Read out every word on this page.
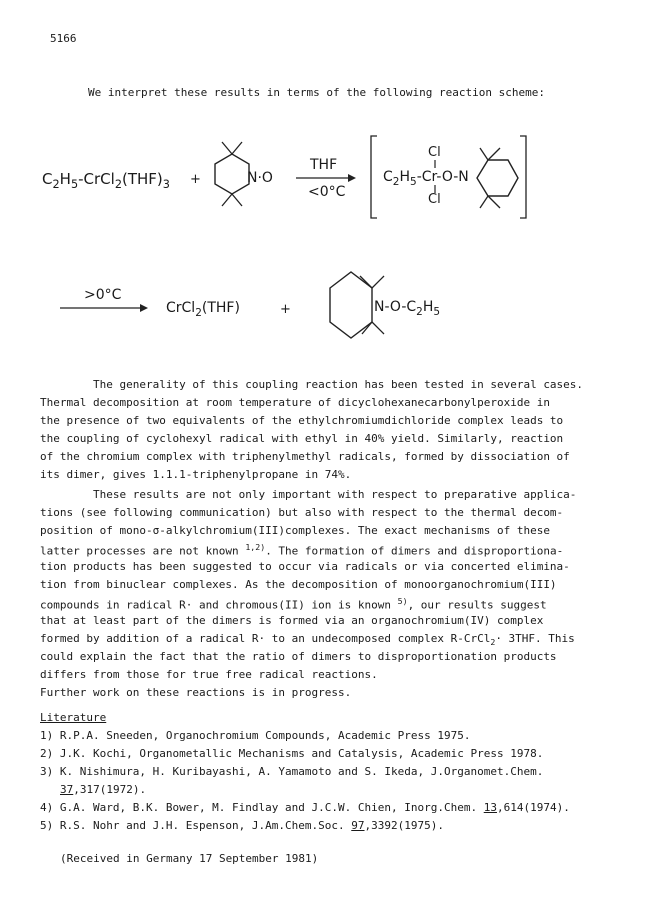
5166
We interpret these results in terms of the following reaction scheme:
$C_2H_5-CrCl_2(THF)_3$ +	N·O
THF
<0°C
Cl
Cl
$C_2H_5-Cr-O-N$
>0°C
CrCl$_2$(THF)	+	$N-O-C_2H_5$
The generality of this coupling reaction has been tested in several cases.
Thermal decomposition at room temperature of dicyclohexanecarbonylperoxide in
the presence of two equivalents of the ethylchromiumdichloride complex leads to
the coupling of cyclohexyl radical with ethyl in 40% yield. Similarly, reaction
of the chromium complex with triphenylmethyl radicals, formed by dissociation of
its dimer, gives 1.1.1-triphenylpropane in 74%.
These results are not only important with respect to preparative applica-
tions (see following communication) but also with respect to the thermal decom-
position of mono-σ-alkylchromium(III)complexes. The exact mechanisms of these
latter processes are not known $^{1,2)}$. The formation of dimers and disproportiona-
tion products has been suggested to occur via radicals or via concerted elimina-
tion from binuclear complexes. As the decomposition of monoorganochromium(III)
compounds in radical R· and chromous(II) ion is known $^{5)}$, our results suggest
that at least part of the dimers is formed via an organochromium(IV) complex
formed by addition of a radical R· to an undecomposed complex R-CrCl$_2$· 3THF. This
could explain the fact that the ratio of dimers to disproportionation products
differs from those for true free radical reactions.
Further work on these reactions is in progress.
Literature
1) R.P.A. Sneeden, Organochromium Compounds, Academic Press 1975.
2) J.K. Kochi, Organometallic Mechanisms and Catalysis, Academic Press 1978.
3) K. Nishimura, H. Kuribayashi, A. Yamamoto and S. Ikeda, J.Organomet.Chem.
37,317(1972).
4) G.A. Ward, B.K. Bower, M. Findlay and J.C.W. Chien, Inorg.Chem. 13,614(1974).
5) R.S. Nohr and J.H. Espenson, J.Am.Chem.Soc. 97,3392(1975).
(Received in Germany 17 September 1981)
